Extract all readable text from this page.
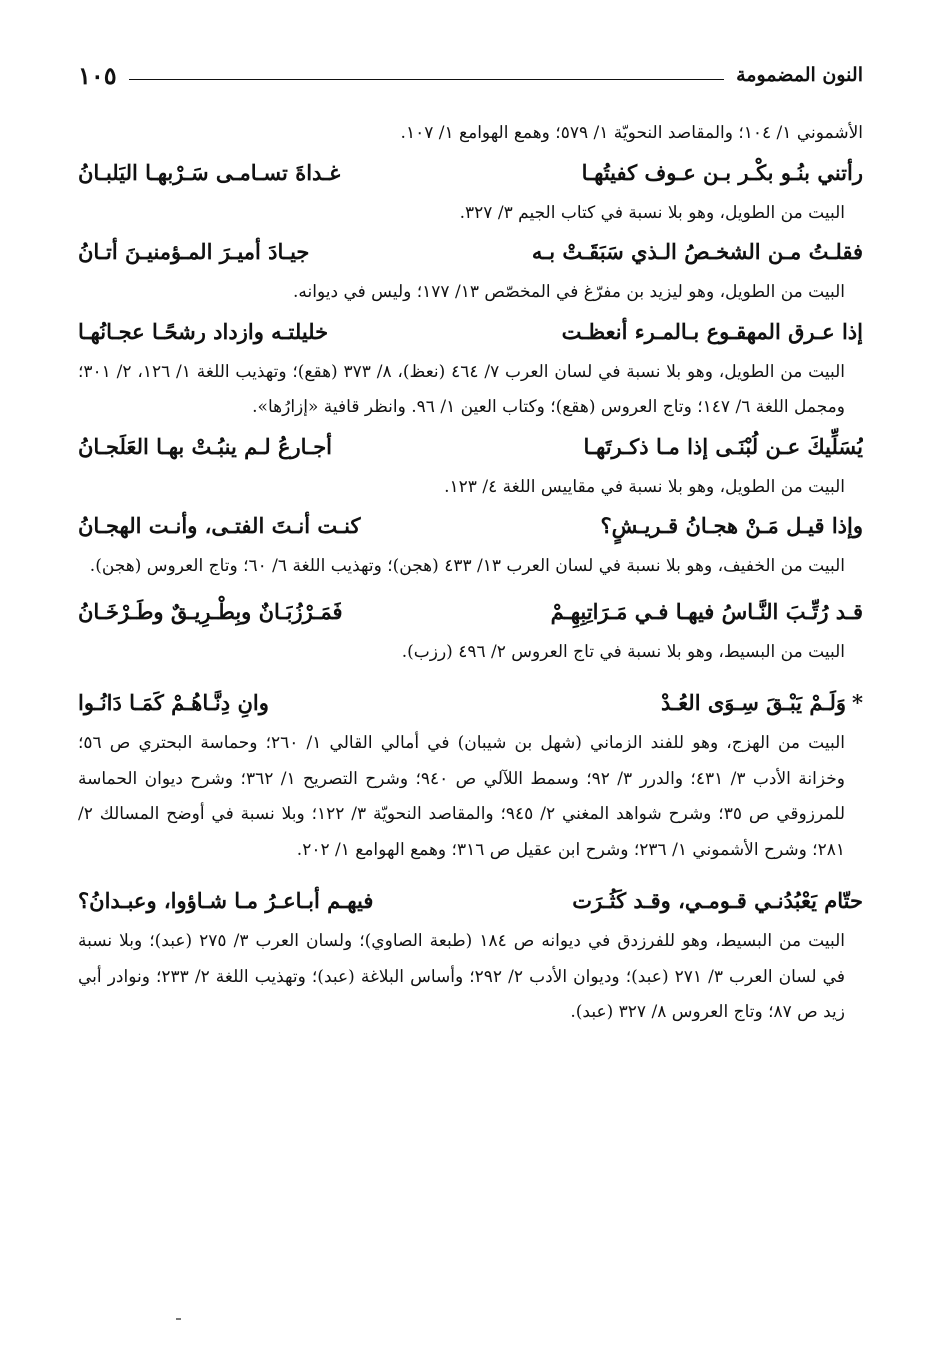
النون المضمومة
١٠٥

الأشموني ١/ ١٠٤؛ والمقاصد النحويّة ١/ ٥٧٩؛ وهمع الهوامع ١/ ١٠٧.

رأتني بنُـو بكْـر بـن عـوف كفيتُهـا
غـداةَ تسـامـى سَـرْبهـا اليَلبـانُ

البيت من الطويل، وهو بلا نسبة في كتاب الجيم ٣/ ٣٢٧.

فقلـتُ مـن الشخـصُ الـذي سَبَقَـتْ بـه
جيـادَ أميـرَ المـؤمنيـنَ أتـانُ

البيت من الطويل، وهو ليزيد بن مفرّغ في المخصّص ١٣/ ١٧٧؛ وليس في ديوانه.

إذا عـرق المهقـوع بـالمـرء أنعظـت
خليلتـه وازداد رشحًـا عجـانُهـا

البيت من الطويل، وهو بلا نسبة في لسان العرب ٧/ ٤٦٤ (نعظ)، ٨/ ٣٧٣ (هقع)؛ وتهذيب اللغة ١/ ١٢٦، ٢/ ٣٠١؛ ومجمل اللغة ٦/ ١٤٧؛ وتاج العروس (هقع)؛ وكتاب العين ١/ ٩٦. وانظر قافية «إزارُها».

يُسَلِّيكَ عـن لُبْنَـى إذا مـا ذكـرتَهـا
أجـارعُ لـم ينبُـتْ بهـا العَلَجـانُ

البيت من الطويل، وهو بلا نسبة في مقاييس اللغة ٤/ ١٢٣.

وإذا قيـل مَـنْ هجـانُ قـريـشٍ؟
كنـت أنـتَ الفتـى، وأنـت الهجـانُ

البيت من الخفيف، وهو بلا نسبة في لسان العرب ١٣/ ٤٣٣ (هجن)؛ وتهذيب اللغة ٦/ ٦٠؛ وتاج العروس (هجن).

قـد رُتِّـبَ النَّـاسُ فيهـا فـي مَـرَاتِبِهِـمْ
فَمَـرْزُبَـانٌ وبِطْـرِيـقٌ وطَـرْخَـانُ

البيت من البسيط، وهو بلا نسبة في تاج العروس ٢/ ٤٩٦ (رزب).

*وَلَـمْ يَبْـقَ سِـوَى العُـدْ
وانِ دِنَّـاهُـمْ كَمَـا دَانُـوا

البيت من الهزج، وهو للفند الزماني (شهل بن شيبان) في أمالي القالي ١/ ٢٦٠؛ وحماسة البحتري ص ٥٦؛ وخزانة الأدب ٣/ ٤٣١؛ والدرر ٣/ ٩٢؛ وسمط اللآلي ص ٩٤٠؛ وشرح التصريح ١/ ٣٦٢؛ وشرح ديوان الحماسة للمرزوقي ص ٣٥؛ وشرح شواهد المغني ٢/ ٩٤٥؛ والمقاصد النحويّة ٣/ ١٢٢؛ وبلا نسبة في أوضح المسالك ٢/ ٢٨١؛ وشرح الأشموني ١/ ٢٣٦؛ وشرح ابن عقيل ص ٣١٦؛ وهمع الهوامع ١/ ٢٠٢.

حتّام يَعْبُدُنـي قـومـي، وقـد كَثُـرَت
فيهـم أبـاعـرُ مـا شـاؤوا، وعبـدانُ؟

البيت من البسيط، وهو للفرزدق في ديوانه ص ١٨٤ (طبعة الصاوي)؛ ولسان العرب ٣/ ٢٧٥ (عبد)؛ وبلا نسبة في لسان العرب ٣/ ٢٧١ (عبد)؛ وديوان الأدب ٢/ ٢٩٢؛ وأساس البلاغة (عبد)؛ وتهذيب اللغة ٢/ ٢٣٣؛ ونوادر أبي زيد ص ٨٧؛ وتاج العروس ٨/ ٣٢٧ (عبد).
